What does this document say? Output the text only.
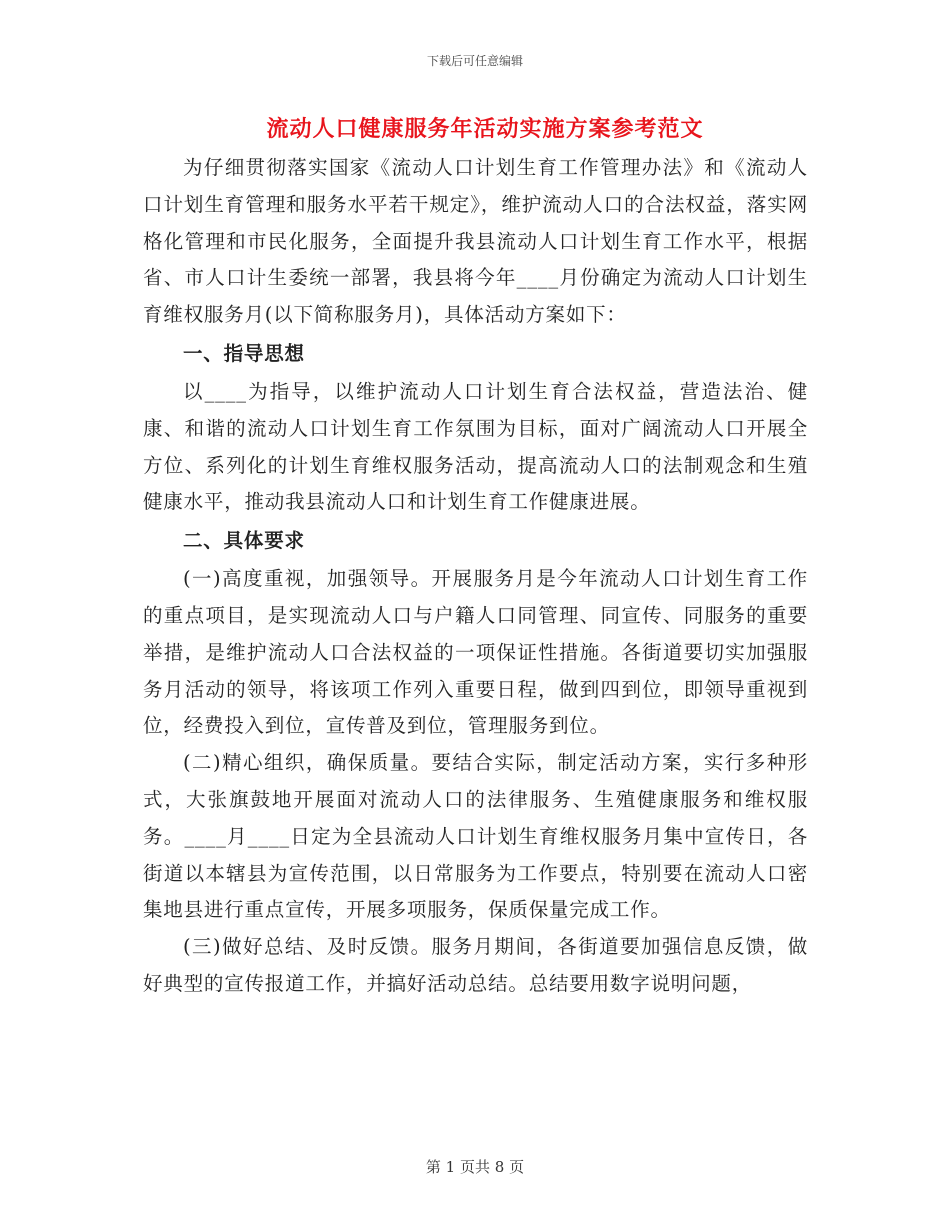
下载后可任意编辑
流动人口健康服务年活动实施方案参考范文

为仔细贯彻落实国家《流动人口计划生育工作管理办法》和《流动人口计划生育管理和服务水平若干规定》，维护流动人口的合法权益，落实网格化管理和市民化服务，全面提升我县流动人口计划生育工作水平，根据省、市人口计生委统一部署，我县将今年____月份确定为流动人口计划生育维权服务月(以下简称服务月)，具体活动方案如下：

一、指导思想

以____为指导，以维护流动人口计划生育合法权益，营造法治、健康、和谐的流动人口计划生育工作氛围为目标，面对广阔流动人口开展全方位、系列化的计划生育维权服务活动，提高流动人口的法制观念和生殖健康水平，推动我县流动人口和计划生育工作健康进展。

二、具体要求

(一)高度重视，加强领导。开展服务月是今年流动人口计划生育工作的重点项目，是实现流动人口与户籍人口同管理、同宣传、同服务的重要举措，是维护流动人口合法权益的一项保证性措施。各街道要切实加强服务月活动的领导，将该项工作列入重要日程，做到四到位，即领导重视到位，经费投入到位，宣传普及到位，管理服务到位。

(二)精心组织，确保质量。要结合实际，制定活动方案，实行多种形式，大张旗鼓地开展面对流动人口的法律服务、生殖健康服务和维权服务。____月____日定为全县流动人口计划生育维权服务月集中宣传日，各街道以本辖县为宣传范围，以日常服务为工作要点，特别要在流动人口密集地县进行重点宣传，开展多项服务，保质保量完成工作。

(三)做好总结、及时反馈。服务月期间，各街道要加强信息反馈，做好典型的宣传报道工作，并搞好活动总结。总结要用数字说明问题，

第 1 页共 8 页
